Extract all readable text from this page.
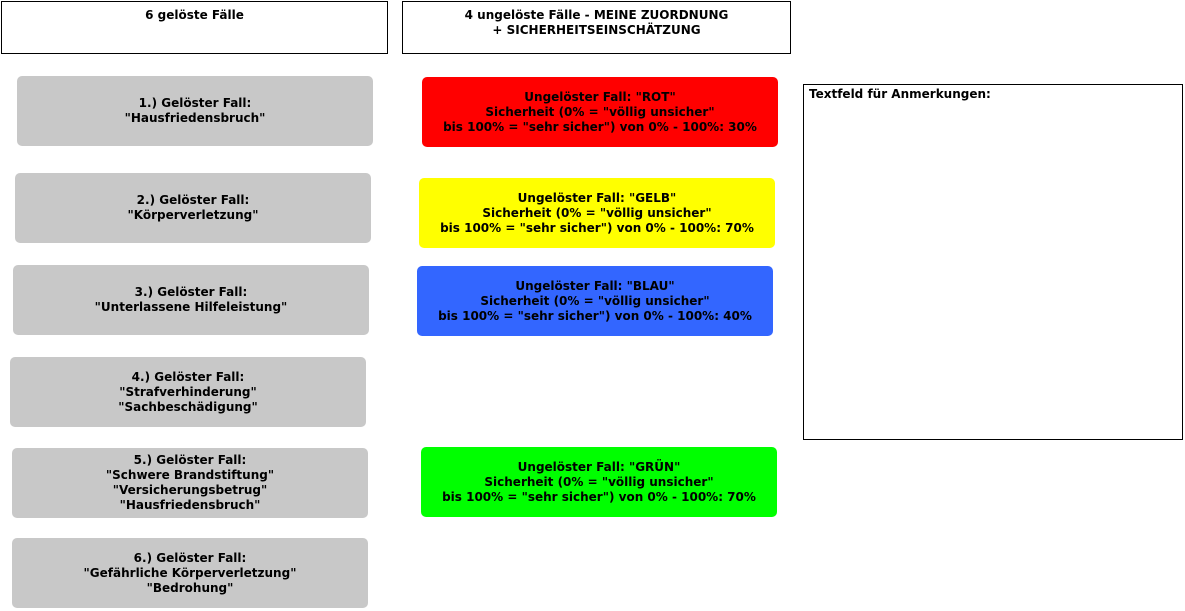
6 gelöste Fälle	4 ungelöste Fälle - MEINE ZUORDNUNG
+ SICHERHEITSEINSCHÄTZUNG
1.) Gelöster Fall:
"Hausfriedensbruch"
2.) Gelöster Fall:
"Körperverletzung"
3.) Gelöster Fall:
"Unterlassene Hilfeleistung"
4.) Gelöster Fall:
"Strafverhinderung"
"Sachbeschädigung"
5.) Gelöster Fall:
"Schwere Brandstiftung"
"Versicherungsbetrug"
"Hausfriedensbruch"
6.) Gelöster Fall:
"Gefährliche Körperverletzung"
"Bedrohung"
Ungelöster Fall: "ROT"
Sicherheit (0% = "völlig unsicher"
bis 100% = "sehr sicher") von 0% - 100%: 30%
Ungelöster Fall: "GELB"
Sicherheit (0% = "völlig unsicher"
bis 100% = "sehr sicher") von 0% - 100%: 70%
Ungelöster Fall: "BLAU"
Sicherheit (0% = "völlig unsicher"
bis 100% = "sehr sicher") von 0% - 100%: 40%
Ungelöster Fall: "GRÜN"
Sicherheit (0% = "völlig unsicher"
bis 100% = "sehr sicher") von 0% - 100%: 70%
Textfeld für Anmerkungen:
